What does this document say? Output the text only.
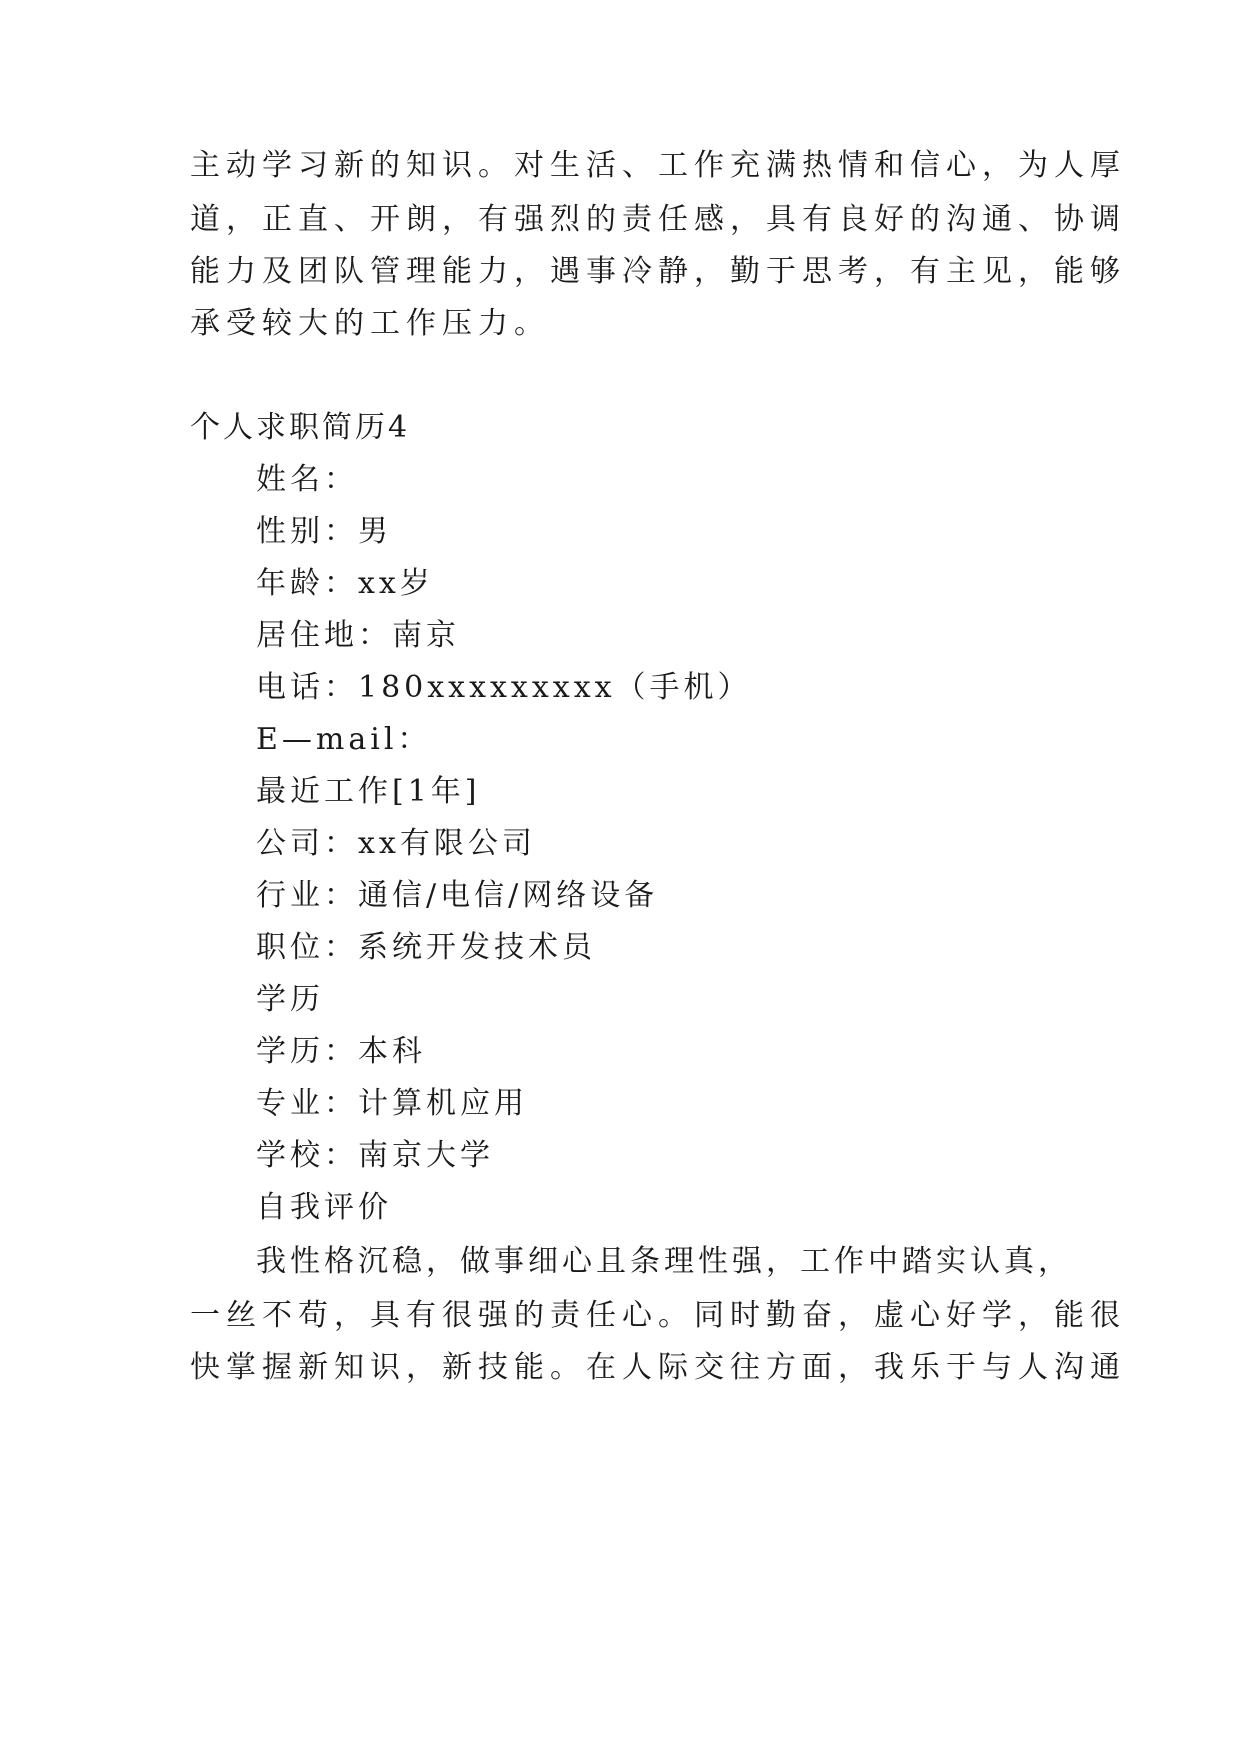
主动学习新的知识。对生活、工作充满热情和信心，为人厚
道，正直、开朗，有强烈的责任感，具有良好的沟通、协调
能力及团队管理能力，遇事冷静，勤于思考，有主见，能够
承受较大的工作压力。
个人求职简历4
姓名：
性别：男
年龄：xx岁
居住地：南京
电话：180xxxxxxxxx（手机）
E—mail：
最近工作[1年]
公司：xx有限公司
行业：通信/电信/网络设备
职位：系统开发技术员
学历
学历：本科
专业：计算机应用
学校：南京大学
自我评价
我性格沉稳，做事细心且条理性强，工作中踏实认真，
一丝不苟，具有很强的责任心。同时勤奋，虚心好学，能很
快掌握新知识，新技能。在人际交往方面，我乐于与人沟通
